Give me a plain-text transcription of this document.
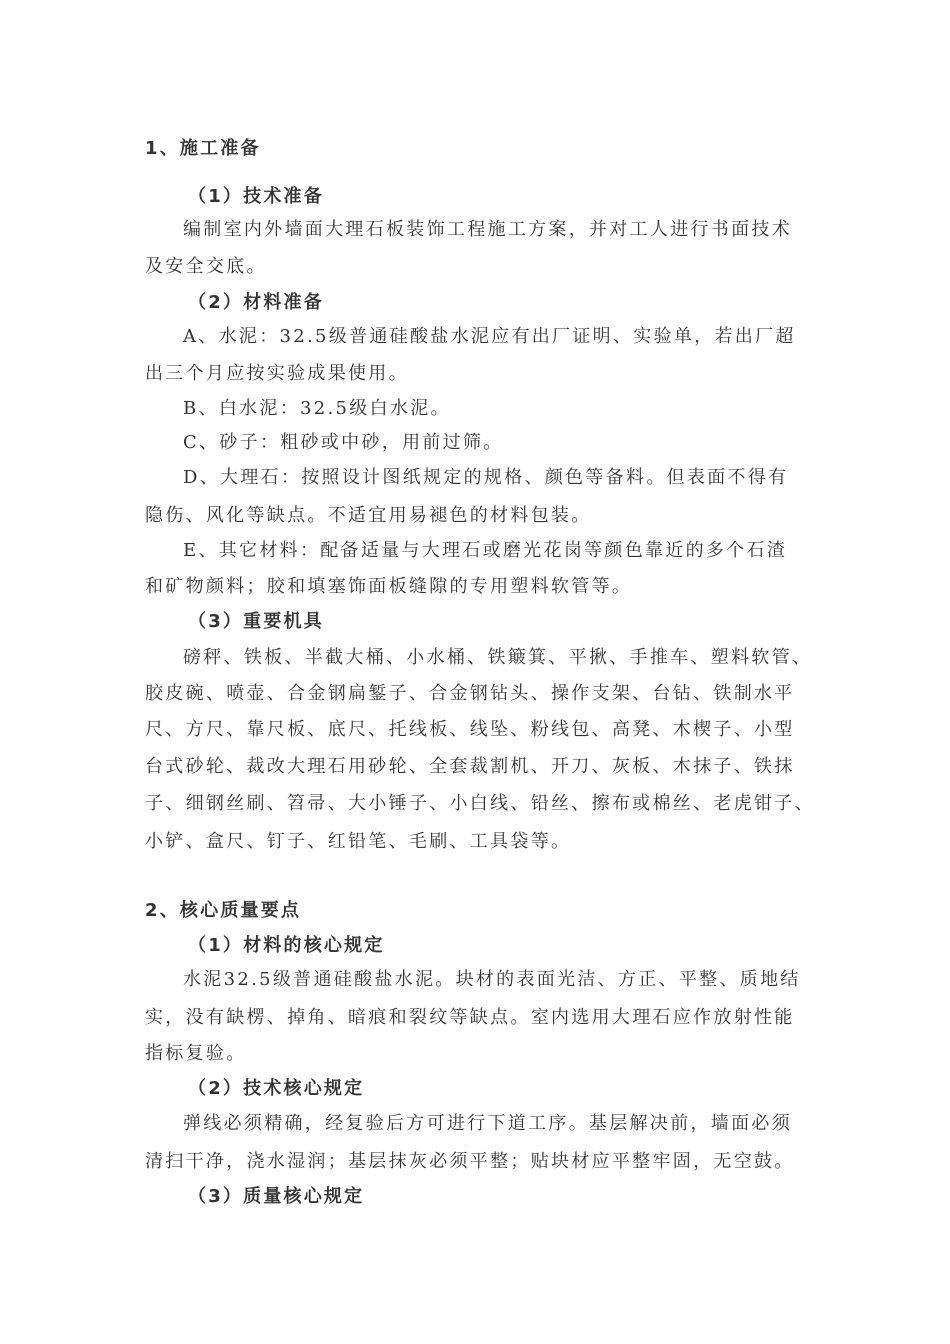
1、施工准备
（1）技术准备
编制室内外墙面大理石板装饰工程施工方案，并对工人进行书面技术
及安全交底。
（2）材料准备
A、水泥：32.5级普通硅酸盐水泥应有出厂证明、实验单，若出厂超
出三个月应按实验成果使用。
B、白水泥：32.5级白水泥。
C、砂子：粗砂或中砂，用前过筛。
D、大理石：按照设计图纸规定的规格、颜色等备料。但表面不得有
隐伤、风化等缺点。不适宜用易褪色的材料包装。
E、其它材料：配备适量与大理石或磨光花岗等颜色靠近的多个石渣
和矿物颜料；胶和填塞饰面板缝隙的专用塑料软管等。
（3）重要机具
磅秤、铁板、半截大桶、小水桶、铁簸箕、平揪、手推车、塑料软管、
胶皮碗、喷壶、合金钢扁錾子、合金钢钻头、操作支架、台钻、铁制水平
尺、方尺、靠尺板、底尺、托线板、线坠、粉线包、高凳、木楔子、小型
台式砂轮、裁改大理石用砂轮、全套裁割机、开刀、灰板、木抹子、铁抹
子、细钢丝刷、笤帚、大小锤子、小白线、铅丝、擦布或棉丝、老虎钳子、
小铲、盒尺、钉子、红铅笔、毛刷、工具袋等。
2、核心质量要点
（1）材料的核心规定
水泥32.5级普通硅酸盐水泥。块材的表面光洁、方正、平整、质地结
实，没有缺楞、掉角、暗痕和裂纹等缺点。室内选用大理石应作放射性能
指标复验。
（2）技术核心规定
弹线必须精确，经复验后方可进行下道工序。基层解决前，墙面必须
清扫干净，浇水湿润；基层抹灰必须平整；贴块材应平整牢固，无空鼓。
（3）质量核心规定
